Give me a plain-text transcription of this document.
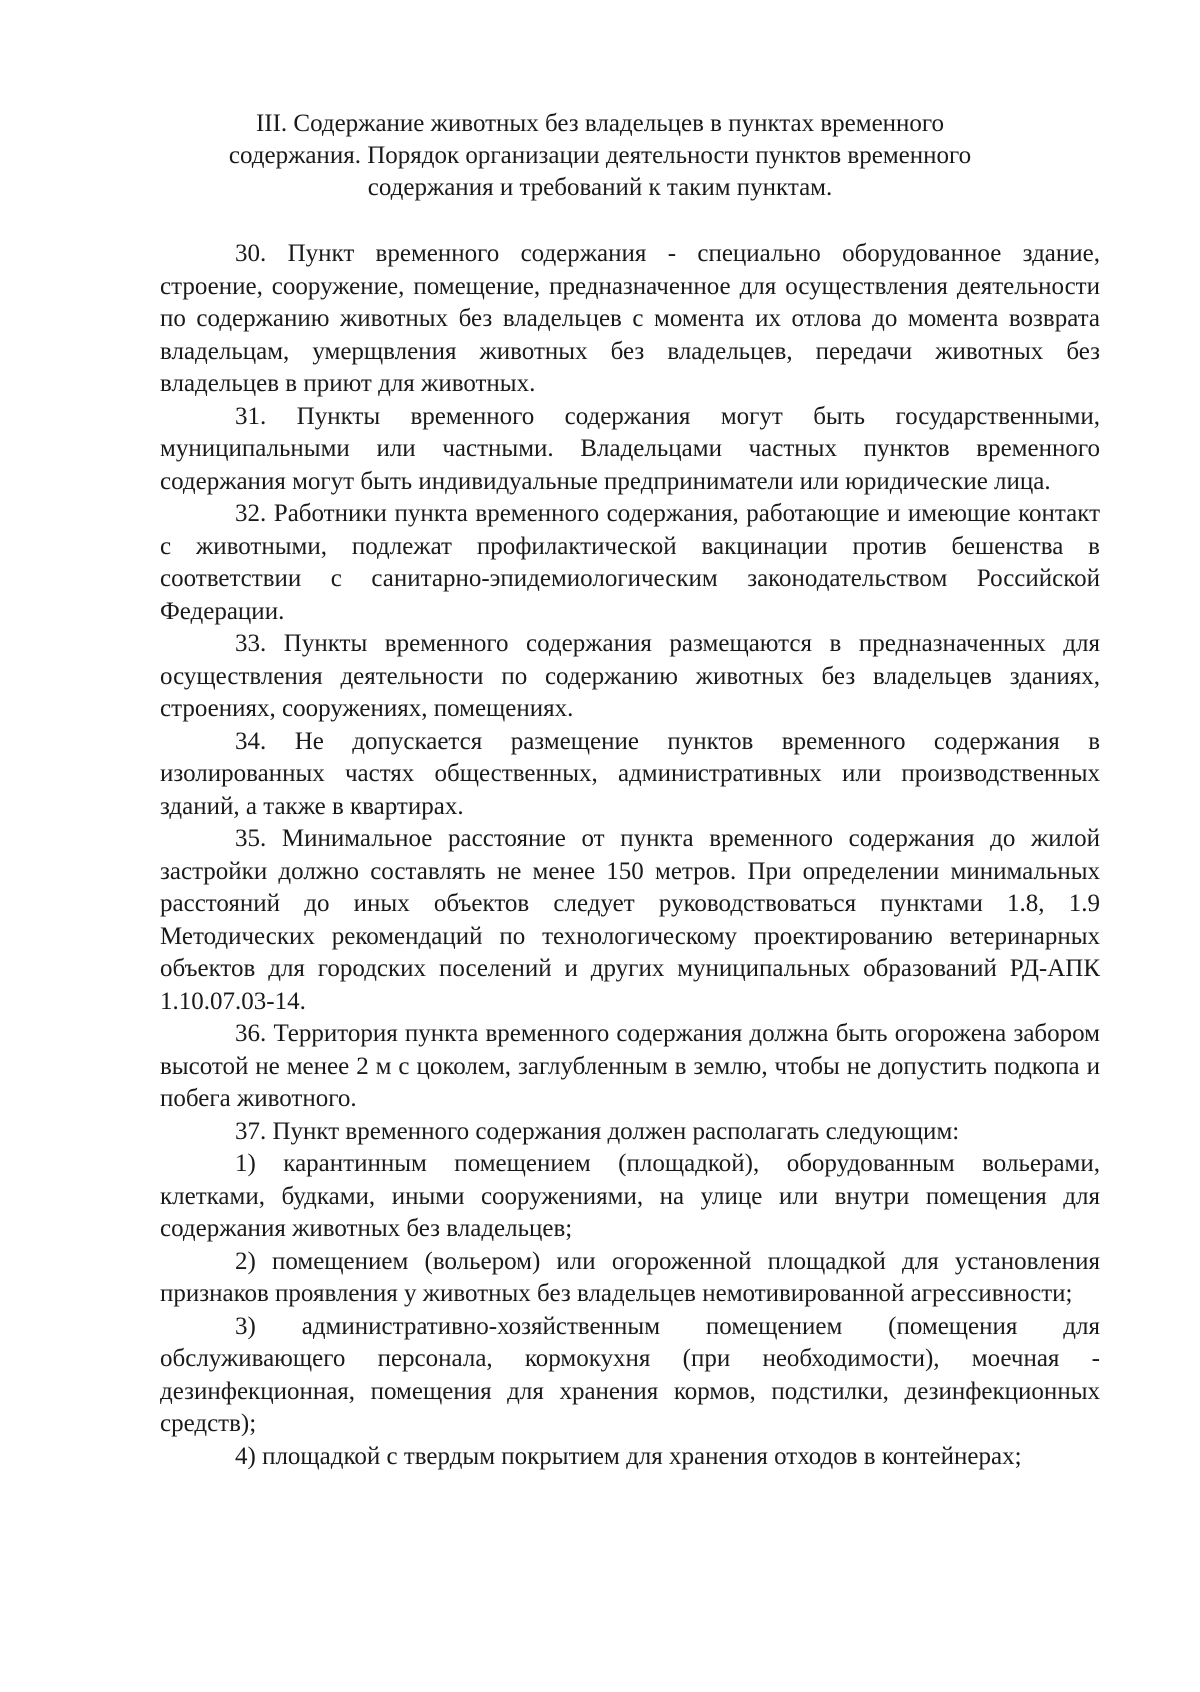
III. Содержание животных без владельцев в пунктах временного
содержания. Порядок организации деятельности пунктов временного
содержания и требований к таким пунктам.

30. Пункт временного содержания - специально оборудованное здание, строение, сооружение, помещение, предназначенное для осуществления деятельности по содержанию животных без владельцев с момента их отлова до момента возврата владельцам, умерщвления животных без владельцев, передачи животных без владельцев в приют для животных.

31. Пункты временного содержания могут быть государственными, муниципальными или частными. Владельцами частных пунктов временного содержания могут быть индивидуальные предприниматели или юридические лица.

32. Работники пункта временного содержания, работающие и имеющие контакт с животными, подлежат профилактической вакцинации против бешенства в соответствии с санитарно-эпидемиологическим законодательством Российской Федерации.

33. Пункты временного содержания размещаются в предназначенных для осуществления деятельности по содержанию животных без владельцев зданиях, строениях, сооружениях, помещениях.

34. Не допускается размещение пунктов временного содержания в изолированных частях общественных, административных или производственных зданий, а также в квартирах.

35. Минимальное расстояние от пункта временного содержания до жилой застройки должно составлять не менее 150 метров. При определении минимальных расстояний до иных объектов следует руководствоваться пунктами 1.8, 1.9 Методических рекомендаций по технологическому проектированию ветеринарных объектов для городских поселений и других муниципальных образований РД-АПК 1.10.07.03-14.

36. Территория пункта временного содержания должна быть огорожена забором высотой не менее 2 м с цоколем, заглубленным в землю, чтобы не допустить подкопа и побега животного.

37. Пункт временного содержания должен располагать следующим:

1) карантинным помещением (площадкой), оборудованным вольерами, клетками, будками, иными сооружениями, на улице или внутри помещения для содержания животных без владельцев;

2) помещением (вольером) или огороженной площадкой для установления признаков проявления у животных без владельцев немотивированной агрессивности;

3) административно-хозяйственным помещением (помещения для обслуживающего персонала, кормокухня (при необходимости), моечная - дезинфекционная, помещения для хранения кормов, подстилки, дезинфекционных средств);

4) площадкой с твердым покрытием для хранения отходов в контейнерах;
